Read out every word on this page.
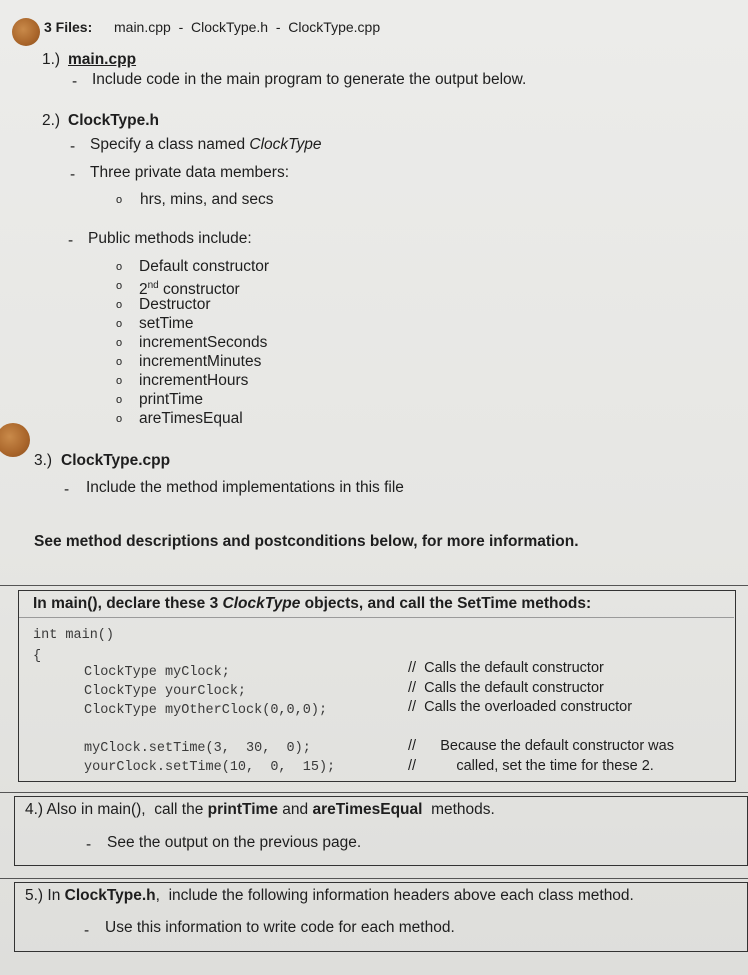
3 Files: main.cpp  -  ClockType.h  -  ClockType.cpp
1.) main.cpp
- Include code in the main program to generate the output below.
2.) ClockType.h
- Specify a class named ClockType
- Three private data members:
o hrs, mins, and secs
- Public methods include:
o Default constructor
o 2nd constructor
o Destructor
o setTime
o incrementSeconds
o incrementMinutes
o incrementHours
o printTime
o areTimesEqual
3.) ClockType.cpp
- Include the method implementations in this file
See method descriptions and postconditions below, for more information.
In main(), declare these 3 ClockType objects, and call the SetTime methods:
int main()
{
ClockType myClock;
ClockType yourClock;
ClockType myOtherClock(0,0,0);
myClock.setTime(3,  30,  0);
yourClock.setTime(10,  0,  15);
//  Calls the default constructor
//  Calls the default constructor
//  Calls the overloaded constructor
//      Because the default constructor was
//          called, set the time for these 2.
4.) Also in main(),  call the printTime and areTimesEqual  methods.
- See the output on the previous page.
5.) In ClockType.h,  include the following information headers above each class method.
- Use this information to write code for each method.
